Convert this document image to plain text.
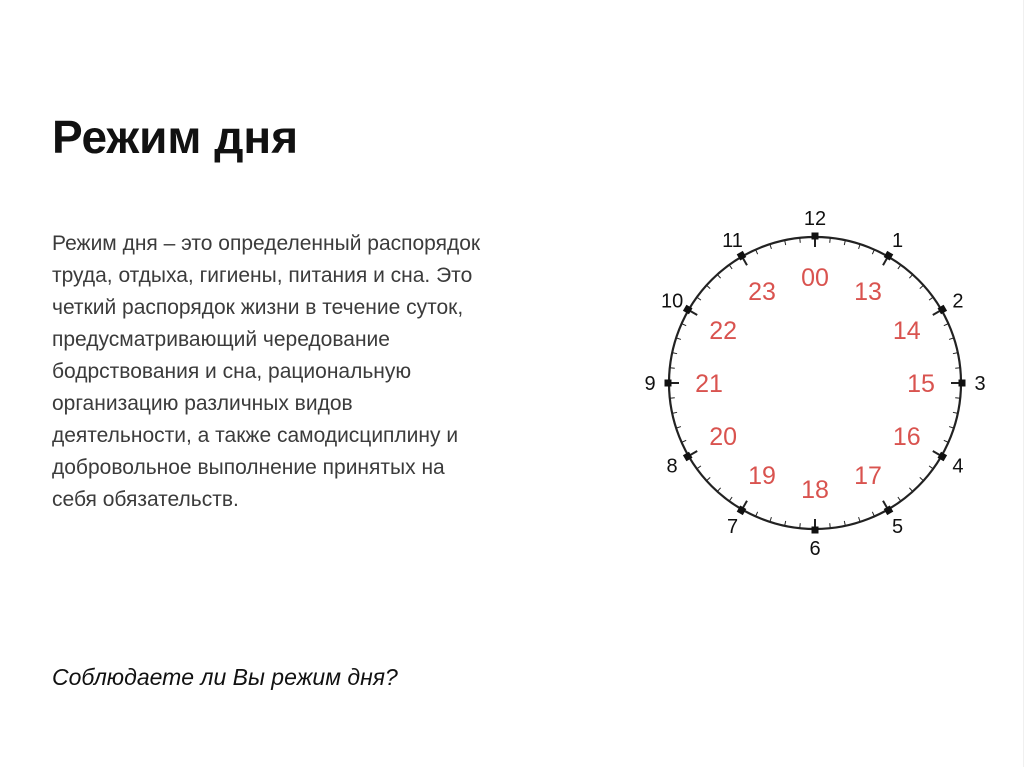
Режим дня
Режим дня – это определенный распорядок
труда, отдыха, гигиены, питания и сна. Это
четкий распорядок жизни в течение суток,
предусматривающий чередование
бодрствования и сна, рациональную
организацию различных видов
деятельности, а также самодисциплину и
добровольное выполнение принятых на
себя обязательств.
Соблюдаете ли Вы режим дня?
12
00
1
13	2
14
3
15
4
16
5
17
6
18
7
19
8
20
9 21
10
22
11
23
